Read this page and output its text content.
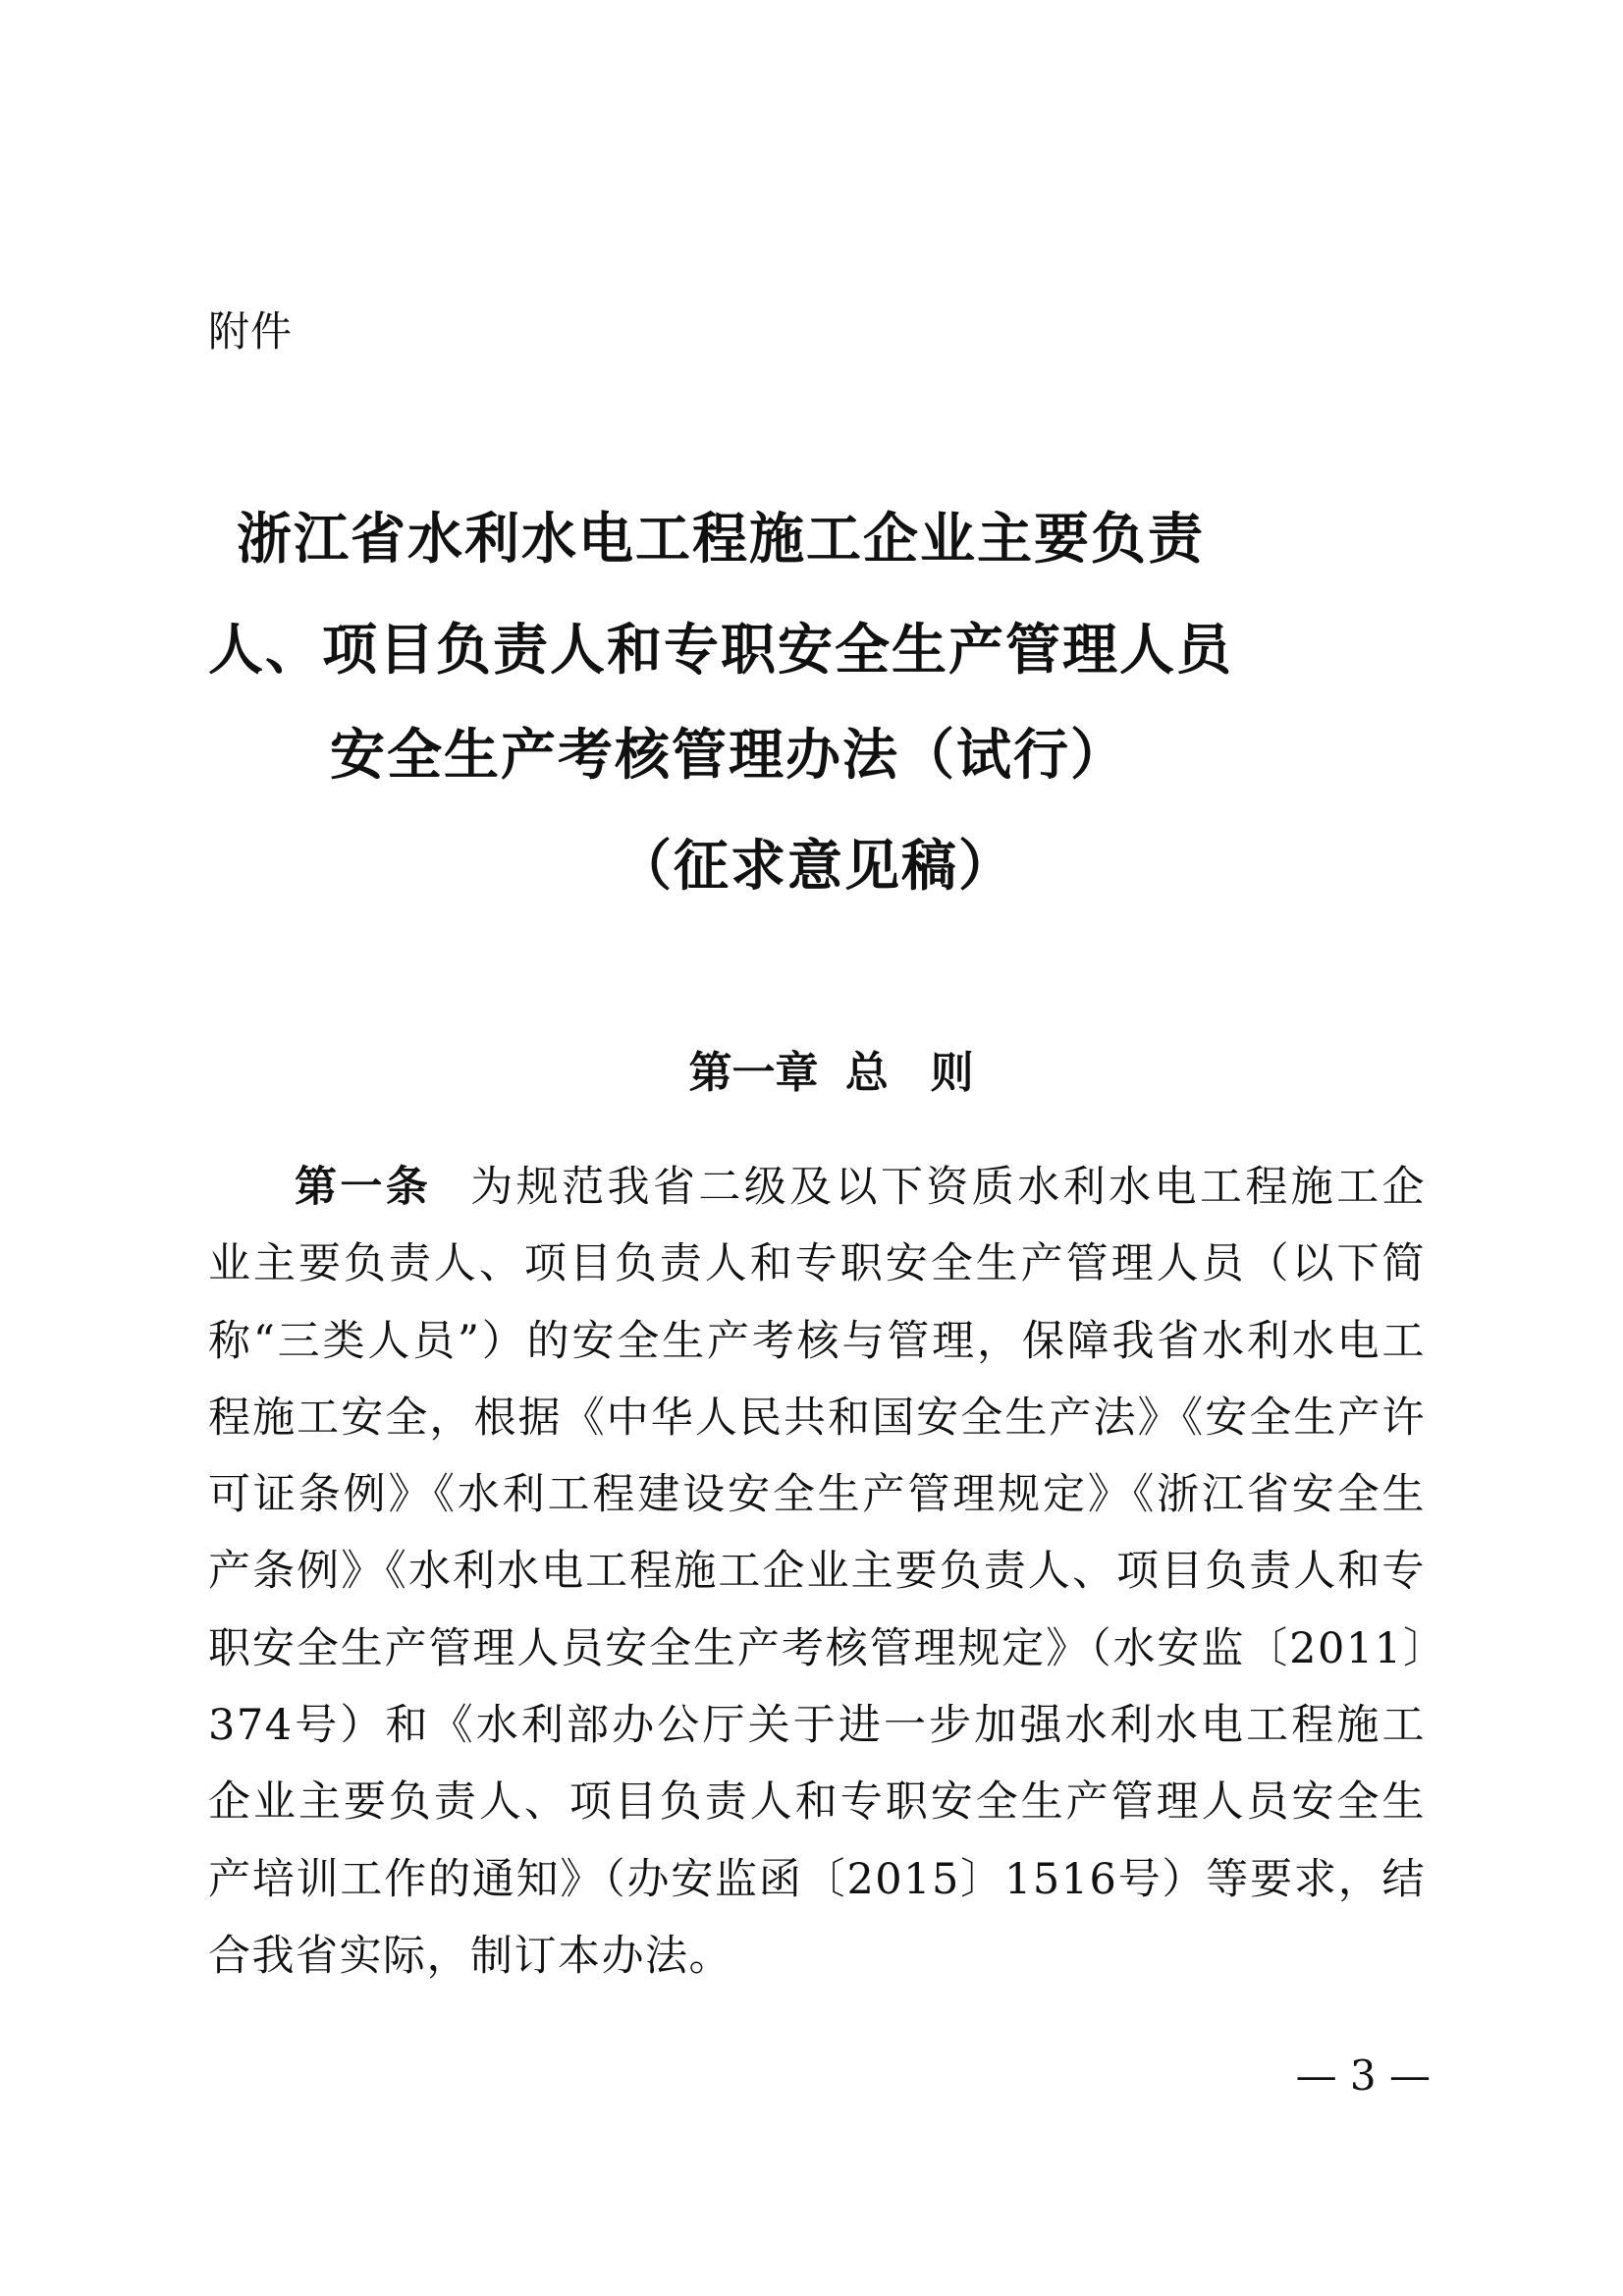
附件
浙江省水利水电工程施工企业主要负责
人、项目负责人和专职安全生产管理人员
安全生产考核管理办法（试行）
（征求意见稿）
第一章 总 则
第一条 为规范我省二级及以下资质水利水电工程施工企业主要负责人、项目负责人和专职安全生产管理人员（以下简称“三类人员”）的安全生产考核与管理，保障我省水利水电工程施工安全，根据《中华人民共和国安全生产法》《安全生产许可证条例》《水利工程建设安全生产管理规定》《浙江省安全生产条例》《水利水电工程施工企业主要负责人、项目负责人和专职安全生产管理人员安全生产考核管理规定》（水安监〔2011〕374号）和《水利部办公厅关于进一步加强水利水电工程施工企业主要负责人、项目负责人和专职安全生产管理人员安全生产培训工作的通知》（办安监函〔2015〕1516号）等要求，结合我省实际，制订本办法。
— 3 —
